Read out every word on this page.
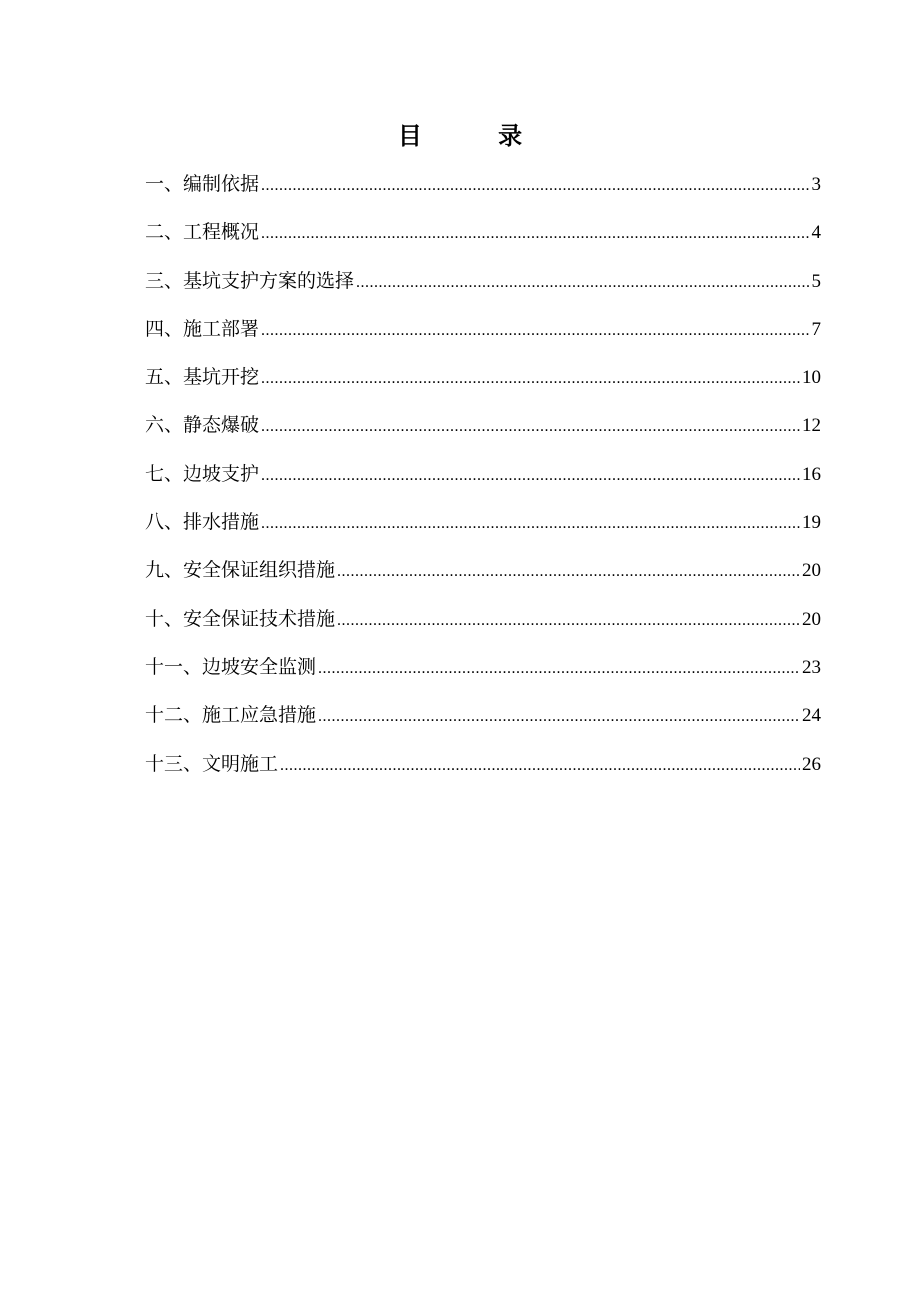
目 录
一、编制依据 .....	3
二、工程概况 .....	4
三、基坑支护方案的选择 .....	5
四、施工部署 .....	7
五、基坑开挖 .....	10
六、静态爆破 .....	12
七、边坡支护 .....	16
八、排水措施 .....	19
九、安全保证组织措施 .....	20
十、安全保证技术措施 .....	20
十一、边坡安全监测 .....	23
十二、施工应急措施 .....	24
十三、文明施工 .....	26
